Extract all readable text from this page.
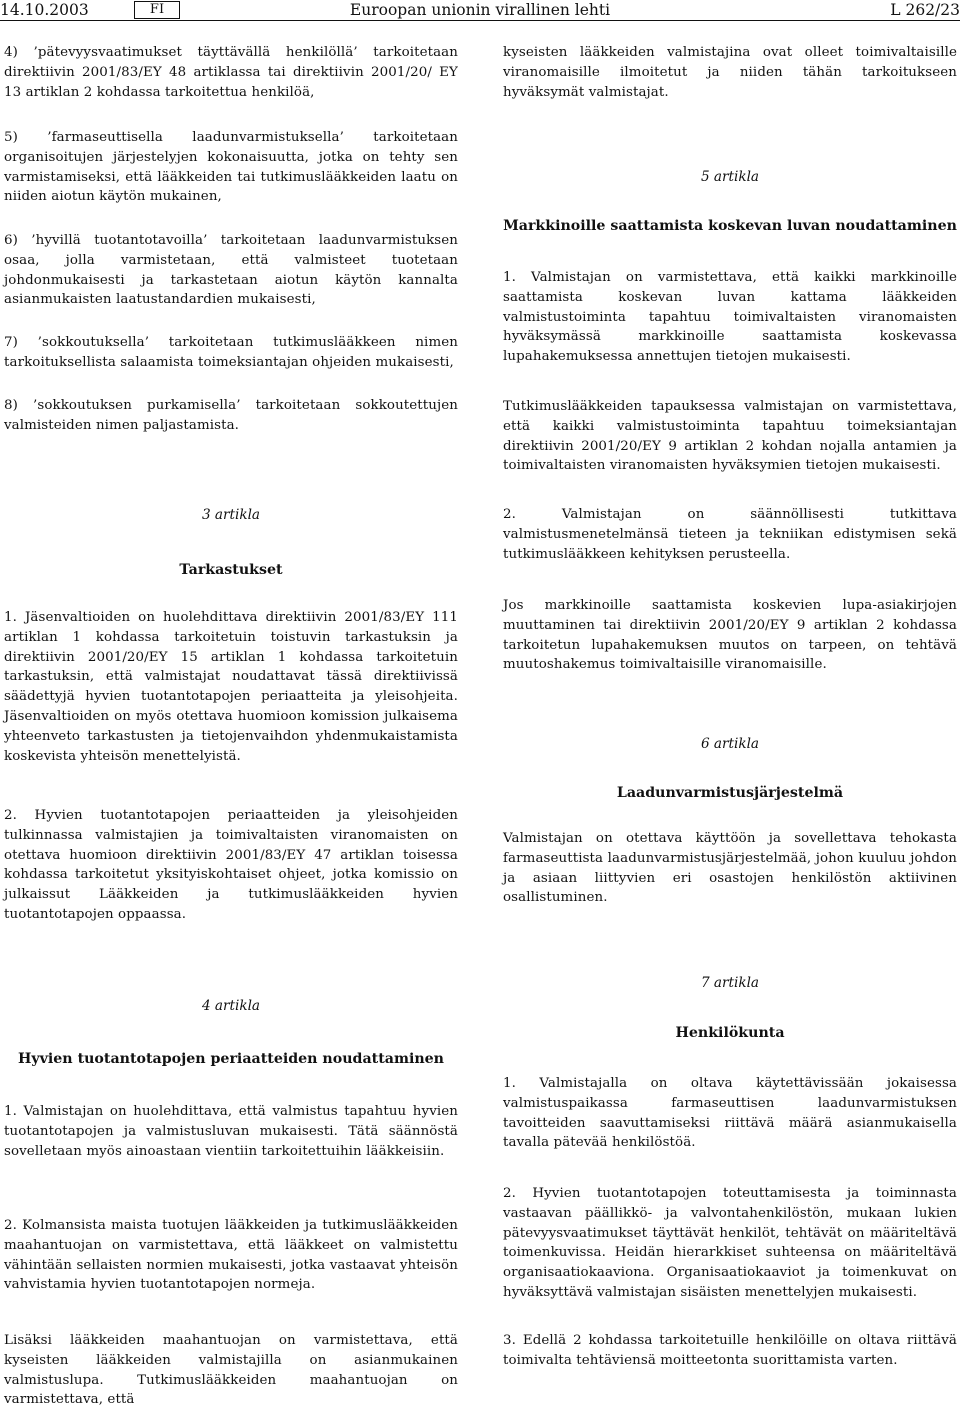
14.10.2003	FI	Euroopan unionin virallinen lehti	L 262/23
4) ’pätevyysvaatimukset täyttävällä henkilöllä’ tarkoitetaan direktiivin 2001/83/EY 48 artiklassa tai direktiivin 2001/20/ EY 13 artiklan 2 kohdassa tarkoitettua henkilöä,
5) ’farmaseuttisella laadunvarmistuksella’ tarkoitetaan organisoitujen järjestelyjen kokonaisuutta, jotka on tehty sen varmistamiseksi, että lääkkeiden tai tutkimuslääkkeiden laatu on niiden aiotun käytön mukainen,
6) ’hyvillä tuotantotavoilla’ tarkoitetaan laadunvarmistuksen osaa, jolla varmistetaan, että valmisteet tuotetaan johdonmukaisesti ja tarkastetaan aiotun käytön kannalta asianmukaisten laatustandardien mukaisesti,
7) ’sokkoutuksella’ tarkoitetaan tutkimuslääkkeen nimen tarkoituksellista salaamista toimeksiantajan ohjeiden mukaisesti,
8) ’sokkoutuksen purkamisella’ tarkoitetaan sokkoutettujen valmisteiden nimen paljastamista.
3 artikla
Tarkastukset
1. Jäsenvaltioiden on huolehdittava direktiivin 2001/83/EY 111 artiklan 1 kohdassa tarkoitetuin toistuvin tarkastuksin ja direktiivin 2001/20/EY 15 artiklan 1 kohdassa tarkoitetuin tarkastuksin, että valmistajat noudattavat tässä direktiivissä säädettyjä hyvien tuotantotapojen periaatteita ja yleisohjeita. Jäsenvaltioiden on myös otettava huomioon komission julkaisema yhteenveto tarkastusten ja tietojenvaihdon yhdenmukaistamista koskevista yhteisön menettelyistä.
2. Hyvien tuotantotapojen periaatteiden ja yleisohjeiden tulkinnassa valmistajien ja toimivaltaisten viranomaisten on otettava huomioon direktiivin 2001/83/EY 47 artiklan toisessa kohdassa tarkoitetut yksityiskohtaiset ohjeet, jotka komissio on julkaissut Lääkkeiden ja tutkimuslääkkeiden hyvien tuotantotapojen oppaassa.
4 artikla
Hyvien tuotantotapojen periaatteiden noudattaminen
1. Valmistajan on huolehdittava, että valmistus tapahtuu hyvien tuotantotapojen ja valmistusluvan mukaisesti. Tätä säännöstä sovelletaan myös ainoastaan vientiin tarkoitettuihin lääkkeisiin.
2. Kolmansista maista tuotujen lääkkeiden ja tutkimuslääkkeiden maahantuojan on varmistettava, että lääkkeet on valmistettu vähintään sellaisten normien mukaisesti, jotka vastaavat yhteisön vahvistamia hyvien tuotantotapojen normeja.
Lisäksi lääkkeiden maahantuojan on varmistettava, että kyseisten lääkkeiden valmistajilla on asianmukainen valmistuslupa. Tutkimuslääkkeiden maahantuojan on varmistettava, että
kyseisten lääkkeiden valmistajina ovat olleet toimivaltaisille viranomaisille ilmoitetut ja niiden tähän tarkoitukseen hyväksymät valmistajat.
5 artikla
Markkinoille saattamista koskevan luvan noudattaminen
1. Valmistajan on varmistettava, että kaikki markkinoille saattamista koskevan luvan kattama lääkkeiden valmistustoiminta tapahtuu toimivaltaisten viranomaisten hyväksymässä markkinoille saattamista koskevassa lupahakemuksessa annettujen tietojen mukaisesti.
Tutkimuslääkkeiden tapauksessa valmistajan on varmistettava, että kaikki valmistustoiminta tapahtuu toimeksiantajan direktiivin 2001/20/EY 9 artiklan 2 kohdan nojalla antamien ja toimivaltaisten viranomaisten hyväksymien tietojen mukaisesti.
2. Valmistajan on säännöllisesti tutkittava valmistusmenetelmänsä tieteen ja tekniikan edistymisen sekä tutkimuslääkkeen kehityksen perusteella.
Jos markkinoille saattamista koskevien lupa-asiakirjojen muuttaminen tai direktiivin 2001/20/EY 9 artiklan 2 kohdassa tarkoitetun lupahakemuksen muutos on tarpeen, on tehtävä muutoshakemus toimivaltaisille viranomaisille.
6 artikla
Laadunvarmistusjärjestelmä
Valmistajan on otettava käyttöön ja sovellettava tehokasta farmaseuttista laadunvarmistusjärjestelmää, johon kuuluu johdon ja asiaan liittyvien eri osastojen henkilöstön aktiivinen osallistuminen.
7 artikla
Henkilökunta
1. Valmistajalla on oltava käytettävissään jokaisessa valmistuspaikassa farmaseuttisen laadunvarmistuksen tavoitteiden saavuttamiseksi riittävä määrä asianmukaisella tavalla pätevää henkilöstöä.
2. Hyvien tuotantotapojen toteuttamisesta ja toiminnasta vastaavan päällikkö- ja valvontahenkilöstön, mukaan lukien pätevyysvaatimukset täyttävät henkilöt, tehtävät on määriteltävä toimenkuvissa. Heidän hierarkkiset suhteensa on määriteltävä organisaatiokaaviona. Organisaatiokaaviot ja toimenkuvat on hyväksyttävä valmistajan sisäisten menettelyjen mukaisesti.
3. Edellä 2 kohdassa tarkoitetuille henkilöille on oltava riittävä toimivalta tehtäviensä moitteetonta suorittamista varten.
